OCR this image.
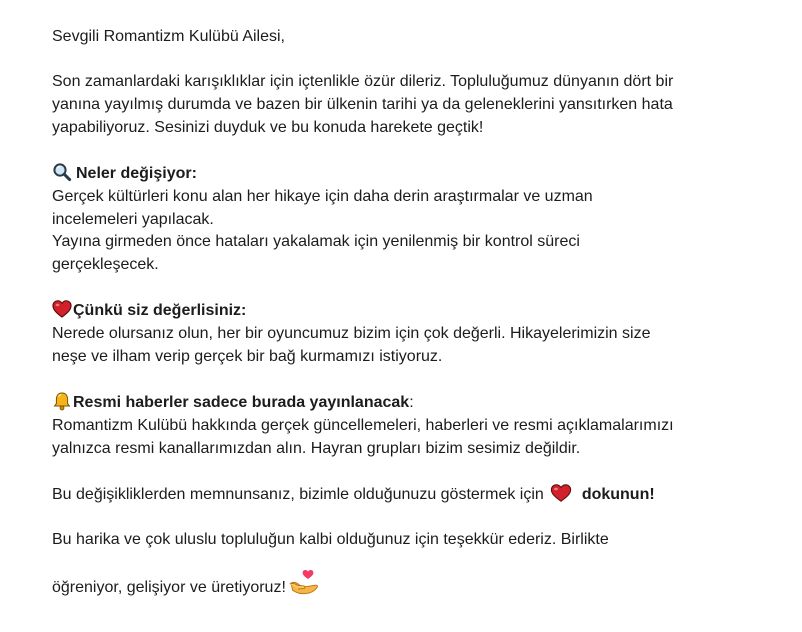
Sevgili Romantizm Kulübü Ailesi,

Son zamanlardaki karışıklıklar için içtenlikle özür dileriz. Topluluğumuz dünyanın dört bir
yanına yayılmış durumda ve bazen bir ülkenin tarihi ya da geleneklerini yansıtırken hata
yapabiliyoruz. Sesinizi duyduk ve bu konuda harekete geçtik!

Neler değişiyor:
Gerçek kültürleri konu alan her hikaye için daha derin araştırmalar ve uzman
incelemeleri yapılacak.
Yayına girmeden önce hataları yakalamak için yenilenmiş bir kontrol süreci
gerçekleşecek.

Çünkü siz değerlisiniz:
Nerede olursanız olun, her bir oyuncumuz bizim için çok değerli. Hikayelerimizin size
neşe ve ilham verip gerçek bir bağ kurmamızı istiyoruz.

Resmi haberler sadece burada yayınlanacak:
Romantizm Kulübü hakkında gerçek güncellemeleri, haberleri ve resmi açıklamalarımızı
yalnızca resmi kanallarımızdan alın. Hayran grupları bizim sesimiz değildir.

Bu değişikliklerden memnunsanız, bizimle olduğunuzu göstermek için dokunun!

Bu harika ve çok uluslu topluluğun kalbi olduğunuz için teşekkür ederiz. Birlikte
öğreniyor, gelişiyor ve üretiyoruz!
